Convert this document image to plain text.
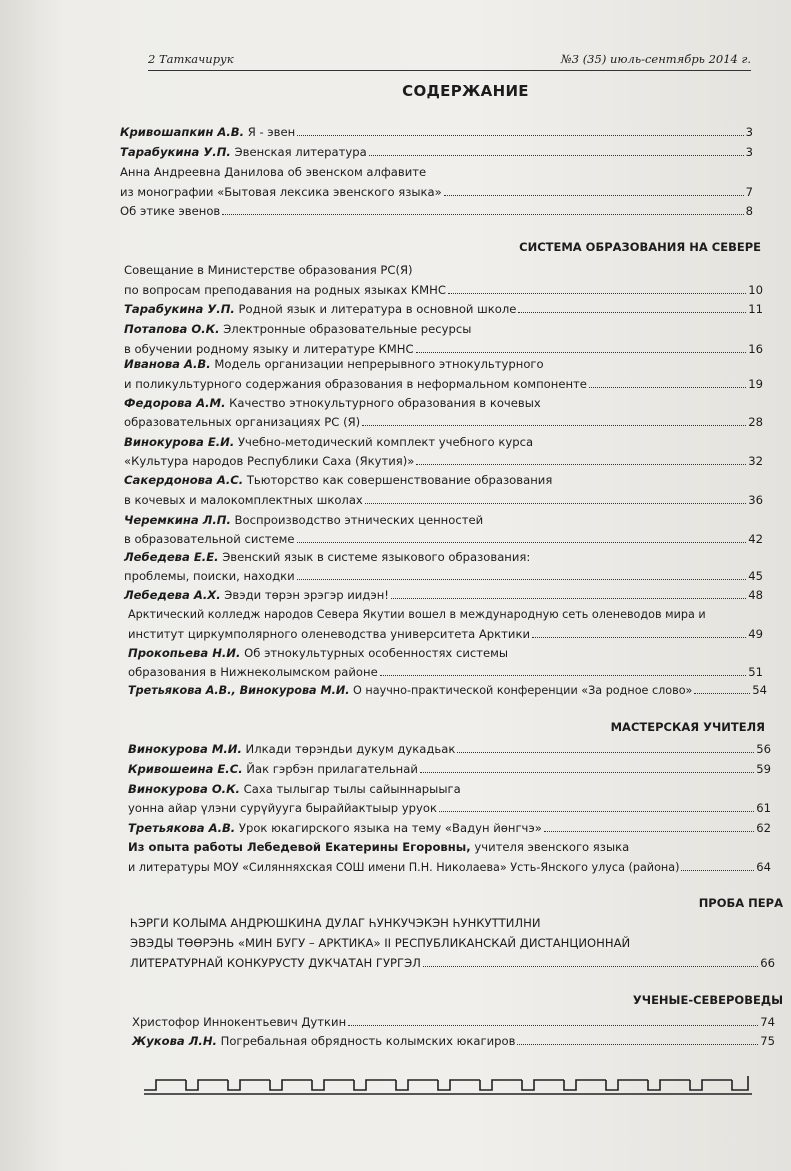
2 Таткачирук	№3 (35) июль-сентябрь 2014 г.
СОДЕРЖАНИЕ
Кривошапкин А.В. Я - эвен	3
Тарабукина У.П. Эвенская литература	3
Анна Андреевна Данилова об эвенском алфавите
из монографии «Бытовая лексика эвенского языка»	7
Об этике эвенов	8
СИСТЕМА ОБРАЗОВАНИЯ НА СЕВЕРЕ
Совещание в Министерстве образования РС(Я)
по вопросам преподавания на родных языках КМНС	10
Тарабукина У.П. Родной язык и литература в основной школе	11
Потапова О.К. Электронные образовательные ресурсы
в обучении родному языку и литературе КМНС	16
Иванова А.В. Модель организации непрерывного этнокультурного
и поликультурного содержания образования в неформальном компоненте	19
Федорова А.М. Качество этнокультурного образования в кочевых
образовательных организациях РС (Я)	28
Винокурова Е.И. Учебно-методический комплект учебного курса
«Культура народов Республики Саха (Якутия)»	32
Сакердонова А.С. Тьюторство как совершенствование образования
в кочевых и малокомплектных школах	36
Черемкина Л.П. Воспроизводство этнических ценностей
в образовательной системе	42
Лебедева Е.Е. Эвенский язык в системе языкового образования:
проблемы, поиски, находки	45
Лебедева А.Х. Эвэди төрэн эрэгэр иидэн!	48
Арктический колледж народов Севера Якутии вошел в международную сеть оленеводов мира и
институт циркумполярного оленеводства университета Арктики	49
Прокопьева Н.И. Об этнокультурных особенностях системы
образования в Нижнеколымском районе	51
Третьякова А.В., Винокурова М.И. О научно-практической конференции «За родное слово»	54
МАСТЕРСКАЯ УЧИТЕЛЯ
Винокурова М.И. Илкади төрэндьи дукум дукадьак	56
Кривошеина Е.С. Йак гэрбэн прилагательнай	59
Винокурова О.К. Саха тылыгар тылы сайыннарыыга
уонна айар үлэни сурүйууга быраййактыыр уруок	61
Третьякова А.В. Урок юкагирского языка на тему «Вадун йөнгчэ»	62
Из опыта работы Лебедевой Екатерины Егоровны, учителя эвенского языка
и литературы МОУ «Силянняхская СОШ имени П.Н. Николаева» Усть-Янского улуса (района)	64
ПРОБА ПЕРА
ҺЭРГИ КОЛЫМА АНДРЮШКИНА ДУЛАГ ҺУНКУЧЭКЭН ҺУНКУТТИЛНИ
ЭВЭДЫ ТӨӨРЭНЬ «МИН БУГУ – АРКТИКА» II РЕСПУБЛИКАНСКАЙ ДИСТАНЦИОННАЙ
ЛИТЕРАТУРНАЙ КОНКУРУСТУ ДУКЧАТАН ГУРГЭЛ	66
УЧЕНЫЕ-СЕВЕРОВЕДЫ
Христофор Иннокентьевич Дуткин	74
Жукова Л.Н. Погребальная обрядность колымских юкагиров	75
